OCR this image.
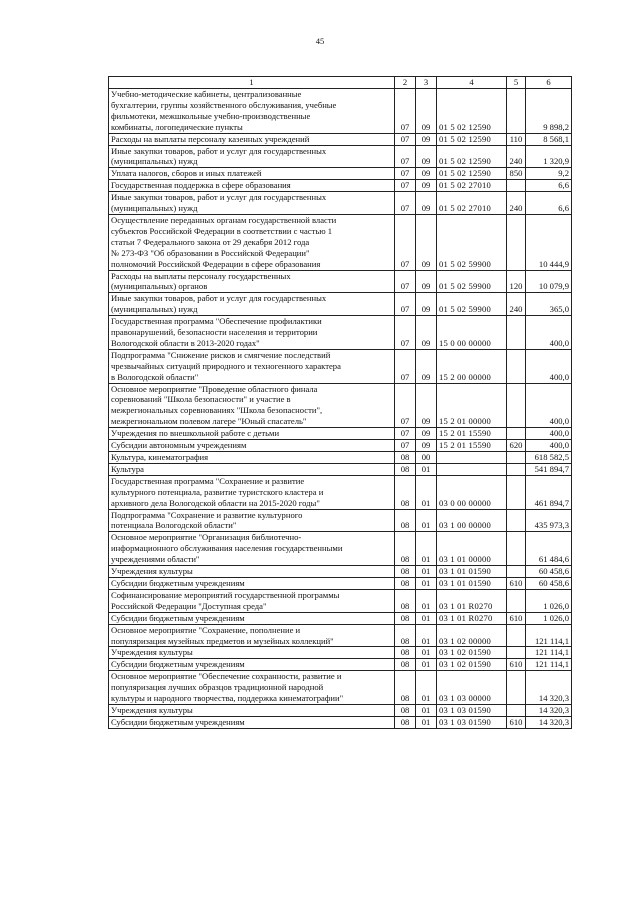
45
1	2	3	4	5	6
Учебно-методические кабинеты, централизованные
бухгалтерии, группы хозяйственного обслуживания, учебные
фильмотеки, межшкольные учебно-производственные
комбинаты, логопедические пункты	07	09	01 5 02 12590		9 898,2
Расходы на выплаты персоналу казенных учреждений	07	09	01 5 02 12590	110	8 568,1
Иные закупки товаров, работ и услуг для государственных
(муниципальных) нужд	07	09	01 5 02 12590	240	1 320,9
Уплата налогов, сборов и иных платежей	07	09	01 5 02 12590	850	9,2
Государственная поддержка в сфере образования	07	09	01 5 02 27010		6,6
Иные закупки товаров, работ и услуг для государственных
(муниципальных) нужд	07	09	01 5 02 27010	240	6,6
Осуществление переданных органам государственной власти
субъектов Российской Федерации в соответствии с частью 1
статьи 7 Федерального закона от 29 декабря 2012 года
№ 273-ФЗ "Об образовании в Российской Федерации"
полномочий Российской Федерации в сфере образования	07	09	01 5 02 59900		10 444,9
Расходы на выплаты персоналу государственных
(муниципальных) органов	07	09	01 5 02 59900	120	10 079,9
Иные закупки товаров, работ и услуг для государственных
(муниципальных) нужд	07	09	01 5 02 59900	240	365,0
Государственная программа "Обеспечение профилактики
правонарушений, безопасности населения и территории
Вологодской области в 2013-2020 годах"	07	09	15 0 00 00000		400,0
Подпрограмма "Снижение рисков и смягчение последствий
чрезвычайных ситуаций природного и техногенного характера
в Вологодской области"	07	09	15 2 00 00000		400,0
Основное мероприятие "Проведение областного финала
соревнований "Школа безопасности" и участие в
межрегиональных соревнованиях "Школа безопасности",
межрегиональном полевом лагере "Юный спасатель"	07	09	15 2 01 00000		400,0
Учреждения по внешкольной работе с детьми	07	09	15 2 01 15590		400,0
Субсидии автономным учреждениям	07	09	15 2 01 15590	620	400,0
Культура, кинематография	08	00			618 582,5
Культура	08	01			541 894,7
Государственная программа "Сохранение и развитие
культурного потенциала, развитие туристского кластера и
архивного дела Вологодской области на 2015-2020 годы"	08	01	03 0 00 00000		461 894,7
Подпрограмма "Сохранение и развитие культурного
потенциала Вологодской области"	08	01	03 1 00 00000		435 973,3
Основное мероприятие "Организация библиотечно-
информационного обслуживания населения государственными
учреждениями области"	08	01	03 1 01 00000		61 484,6
Учреждения культуры	08	01	03 1 01 01590		60 458,6
Субсидии бюджетным учреждениям	08	01	03 1 01 01590	610	60 458,6
Софинансирование мероприятий государственной программы
Российской Федерации "Доступная среда"	08	01	03 1 01 R0270		1 026,0
Субсидии бюджетным учреждениям	08	01	03 1 01 R0270	610	1 026,0
Основное мероприятие "Сохранение, пополнение и
популяризация музейных предметов и музейных коллекций"	08	01	03 1 02 00000		121 114,1
Учреждения культуры	08	01	03 1 02 01590		121 114,1
Субсидии бюджетным учреждениям	08	01	03 1 02 01590	610	121 114,1
Основное мероприятие "Обеспечение сохранности, развитие и
популяризация лучших образцов традиционной народной
культуры и народного творчества, поддержка кинематографии"	08	01	03 1 03 00000		14 320,3
Учреждения культуры	08	01	03 1 03 01590		14 320,3
Субсидии бюджетным учреждениям	08	01	03 1 03 01590	610	14 320,3
